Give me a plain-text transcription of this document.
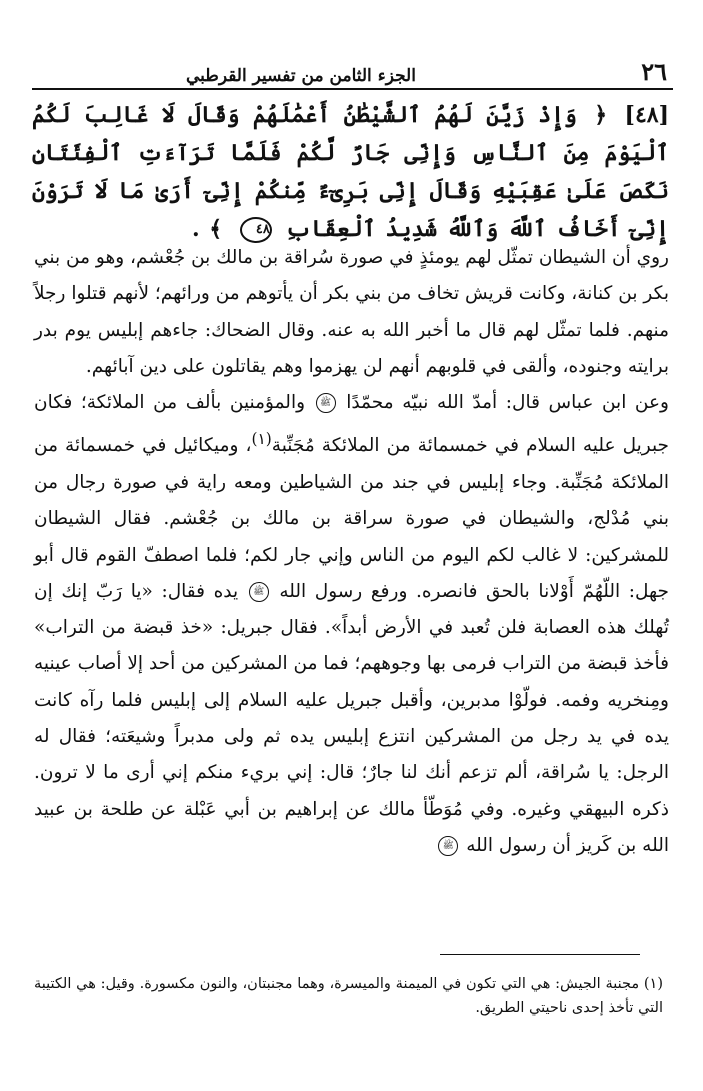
٢٦
الجزء الثامن من تفسير القرطبي
[٤٨] ﴿ وَإِذْ زَيَّنَ لَهُمُ ٱلشَّيْطَٰنُ أَعْمَٰلَهُمْ وَقَالَ لَا غَالِبَ لَكُمُ ٱلْيَوْمَ مِنَ ٱلنَّاسِ وَإِنِّى جَارٌ لَّكُمْ فَلَمَّا تَرَآءَتِ ٱلْفِئَتَانِ نَكَصَ عَلَىٰ عَقِبَيْهِ وَقَالَ إِنِّى بَرِىٓءٌ مِّنكُمْ إِنِّىٓ أَرَىٰ مَا لَا تَرَوْنَ إِنِّىٓ أَخَافُ ٱللَّهَ وَٱللَّهُ شَدِيدُ ٱلْعِقَابِ ٤٨ ﴾ .

روي أن الشيطان تمثّل لهم يومئذٍ في صورة سُراقة بن مالك بن جُعْشم، وهو من بني بكر بن كنانة، وكانت قريش تخاف من بني بكر أن يأتوهم من ورائهم؛ لأنهم قتلوا رجلاً منهم. فلما تمثّل لهم قال ما أخبر الله به عنه. وقال الضحاك: جاءهم إبليس يوم بدر برايته وجنوده، وألقى في قلوبهم أنهم لن يهزموا وهم يقاتلون على دين آبائهم.

وعن ابن عباس قال: أمدّ الله نبيّه محمّدًا ﷺ والمؤمنين بألف من الملائكة؛ فكان جبريل عليه السلام في خمسمائة من الملائكة مُجَنِّبة$^{(١)}$، وميكائيل في خمسمائة من الملائكة مُجَنِّبة. وجاء إبليس في جند من الشياطين ومعه راية في صورة رجال من بني مُدْلج، والشيطان في صورة سراقة بن مالك بن جُعْشم. فقال الشيطان للمشركين: لا غالب لكم اليوم من الناس وإني جار لكم؛ فلما اصطفّ القوم قال أبو جهل: اللّهُمّ أَوْلانا بالحق فانصره. ورفع رسول الله ﷺ يده فقال: «يا رَبّ إنك إن تُهلك هذه العصابة فلن تُعبد في الأرض أبداً». فقال جبريل: «خذ قبضة من التراب» فأخذ قبضة من التراب فرمى بها وجوههم؛ فما من المشركين من أحد إلا أصاب عينيه ومِنخريه وفمه. فولّوْا مدبرين، وأقبل جبريل عليه السلام إلى إبليس فلما رآه كانت يده في يد رجل من المشركين انتزع إبليس يده ثم ولى مدبراً وشيعَته؛ فقال له الرجل: يا سُراقة، ألم تزعم أنك لنا جارٌ؛ قال: إني بريء منكم إني أرى ما لا ترون. ذكره البيهقي وغيره. وفي مُوَطّأ مالك عن إبراهيم بن أبي عَبْلة عن طلحة بن عبيد الله بن كَريز أن رسول الله ﷺ

(١) مجنبة الجيش: هي التي تكون في الميمنة والميسرة، وهما مجنبتان، والنون مكسورة. وقيل: هي الكتيبة التي تأخذ إحدى ناحيتي الطريق.
